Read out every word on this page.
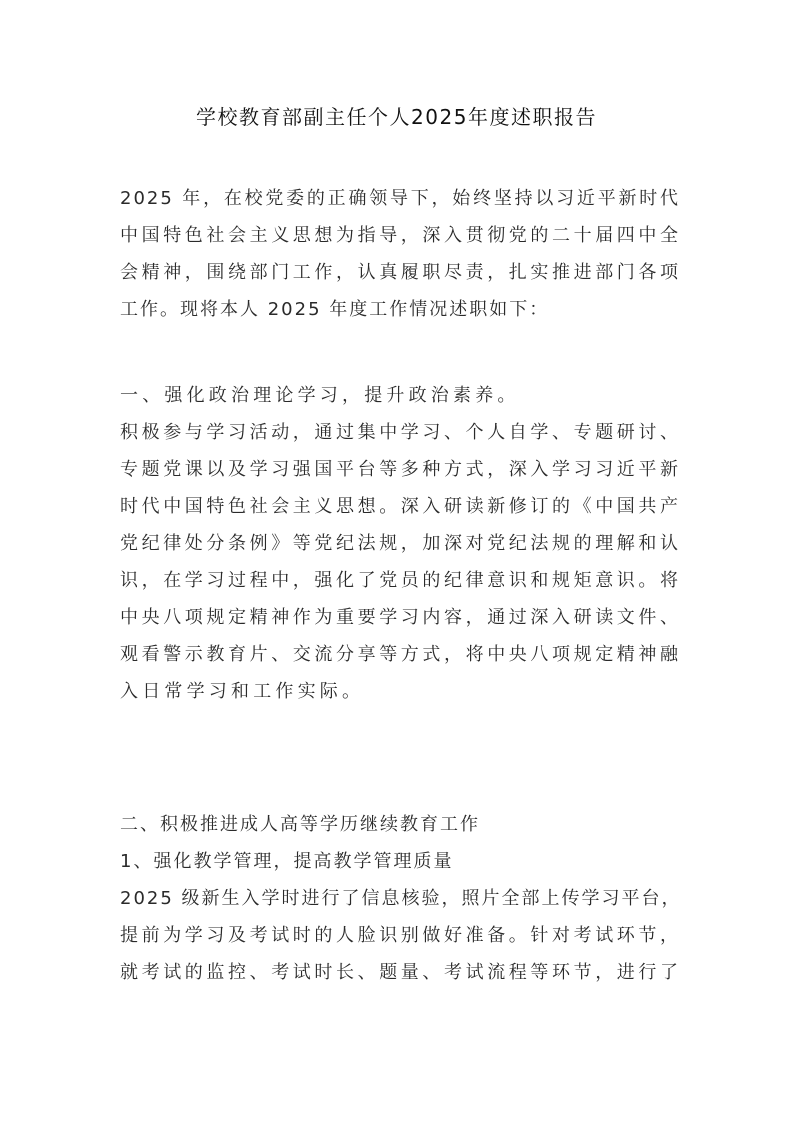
学校教育部副主任个人2025年度述职报告
2025 年，在校党委的正确领导下，始终坚持以习近平新时代
中国特色社会主义思想为指导，深入贯彻党的二十届四中全
会精神，围绕部门工作，认真履职尽责，扎实推进部门各项
工作。现将本人 2025 年度工作情况述职如下：
一、强化政治理论学习，提升政治素养。
积极参与学习活动，通过集中学习、个人自学、专题研讨、
专题党课以及学习强国平台等多种方式，深入学习习近平新
时代中国特色社会主义思想。深入研读新修订的《中国共产
党纪律处分条例》等党纪法规，加深对党纪法规的理解和认
识，在学习过程中，强化了党员的纪律意识和规矩意识。将
中央八项规定精神作为重要学习内容，通过深入研读文件、
观看警示教育片、交流分享等方式，将中央八项规定精神融
入日常学习和工作实际。
二、积极推进成人高等学历继续教育工作
1、强化教学管理，提高教学管理质量
2025 级新生入学时进行了信息核验，照片全部上传学习平台，
提前为学习及考试时的人脸识别做好准备。针对考试环节，
就考试的监控、考试时长、题量、考试流程等环节，进行了
